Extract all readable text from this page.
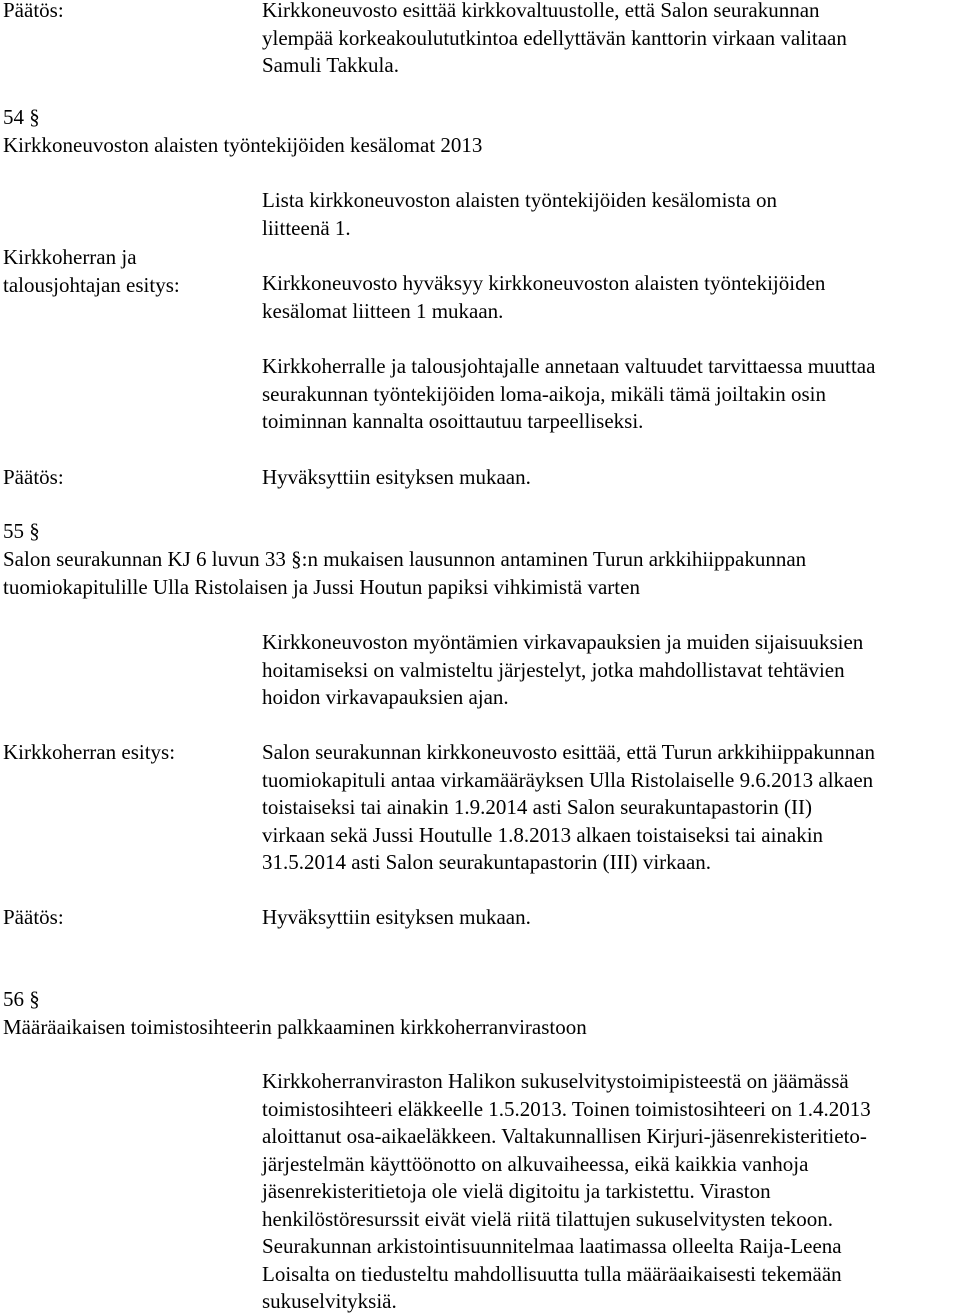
Päätös:	Kirkkoneuvosto esittää kirkkovaltuustolle, että Salon seurakunnan
ylempää korkeakoulututkintoa edellyttävän kanttorin virkaan valitaan
Samuli Takkula.
54 §
Kirkkoneuvoston alaisten työntekijöiden kesälomat 2013
Lista kirkkoneuvoston alaisten työntekijöiden kesälomista on
liitteenä 1.
Kirkkoherran ja
talousjohtajan esitys:	Kirkkoneuvosto hyväksyy kirkkoneuvoston alaisten työntekijöiden
kesälomat liitteen 1 mukaan.
Kirkkoherralle ja talousjohtajalle annetaan valtuudet tarvittaessa muuttaa
seurakunnan työntekijöiden loma-aikoja, mikäli tämä joiltakin osin
toiminnan kannalta osoittautuu tarpeelliseksi.
Päätös:	Hyväksyttiin esityksen mukaan.
55 §
Salon seurakunnan KJ 6 luvun 33 §:n mukaisen lausunnon antaminen Turun arkkihiippakunnan
tuomiokapitulille Ulla Ristolaisen ja Jussi Houtun papiksi vihkimistä varten
Kirkkoneuvoston myöntämien virkavapauksien ja muiden sijaisuuksien
hoitamiseksi on valmisteltu järjestelyt, jotka mahdollistavat tehtävien
hoidon virkavapauksien ajan.
Kirkkoherran esitys:	Salon seurakunnan kirkkoneuvosto esittää, että Turun arkkihiippakunnan
tuomiokapituli antaa virkamääräyksen Ulla Ristolaiselle 9.6.2013 alkaen
toistaiseksi tai ainakin 1.9.2014 asti Salon seurakuntapastorin (II)
virkaan sekä Jussi Houtulle 1.8.2013 alkaen toistaiseksi tai ainakin
31.5.2014 asti Salon seurakuntapastorin (III) virkaan.
Päätös:	Hyväksyttiin esityksen mukaan.
56 §
Määräaikaisen toimistosihteerin palkkaaminen kirkkoherranvirastoon
Kirkkoherranviraston Halikon sukuselvitystoimipisteestä on jäämässä
toimistosihteeri eläkkeelle 1.5.2013. Toinen toimistosihteeri on 1.4.2013
aloittanut osa-aikaeläkkeen. Valtakunnallisen Kirjuri-jäsenrekisteritieto-
järjestelmän käyttöönotto on alkuvaiheessa, eikä kaikkia vanhoja
jäsenrekisteritietoja ole vielä digitoitu ja tarkistettu. Viraston
henkilöstöresurssit eivät vielä riitä tilattujen sukuselvitysten tekoon.
Seurakunnan arkistointisuunnitelmaa laatimassa olleelta Raija-Leena
Loisalta on tiedusteltu mahdollisuutta tulla määräaikaisesti tekemään
sukuselvityksiä.
